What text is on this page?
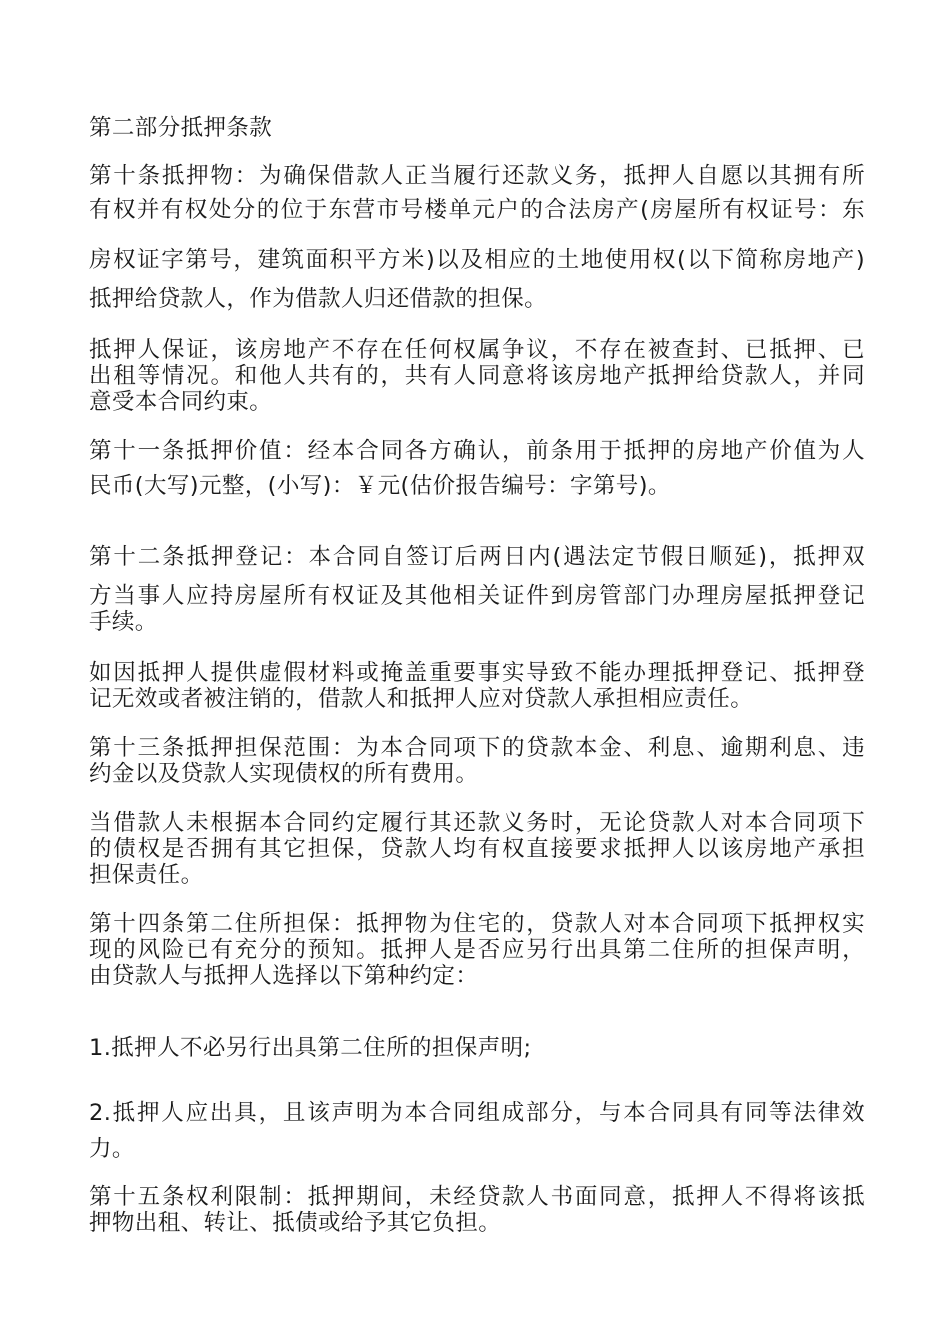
第二部分抵押条款
第十条抵押物：为确保借款人正当履行还款义务，抵押人自愿以其拥有所
有权并有权处分的位于东营市号楼单元户的合法房产(房屋所有权证号：东
房权证字第号，建筑面积平方米)以及相应的土地使用权(以下简称房地产)
抵押给贷款人，作为借款人归还借款的担保。
抵押人保证，该房地产不存在任何权属争议，不存在被查封、已抵押、已
出租等情况。和他人共有的，共有人同意将该房地产抵押给贷款人，并同
意受本合同约束。
第十一条抵押价值：经本合同各方确认，前条用于抵押的房地产价值为人
民币(大写)元整，(小写)：￥元(估价报告编号：字第号)。
第十二条抵押登记：本合同自签订后两日内(遇法定节假日顺延)，抵押双
方当事人应持房屋所有权证及其他相关证件到房管部门办理房屋抵押登记
手续。
如因抵押人提供虚假材料或掩盖重要事实导致不能办理抵押登记、抵押登
记无效或者被注销的，借款人和抵押人应对贷款人承担相应责任。
第十三条抵押担保范围：为本合同项下的贷款本金、利息、逾期利息、违
约金以及贷款人实现债权的所有费用。
当借款人未根据本合同约定履行其还款义务时，无论贷款人对本合同项下
的债权是否拥有其它担保，贷款人均有权直接要求抵押人以该房地产承担
担保责任。
第十四条第二住所担保：抵押物为住宅的，贷款人对本合同项下抵押权实
现的风险已有充分的预知。抵押人是否应另行出具第二住所的担保声明，
由贷款人与抵押人选择以下第种约定：
1.抵押人不必另行出具第二住所的担保声明;
2.抵押人应出具，且该声明为本合同组成部分，与本合同具有同等法律效
力。
第十五条权利限制：抵押期间，未经贷款人书面同意，抵押人不得将该抵
押物出租、转让、抵债或给予其它负担。
